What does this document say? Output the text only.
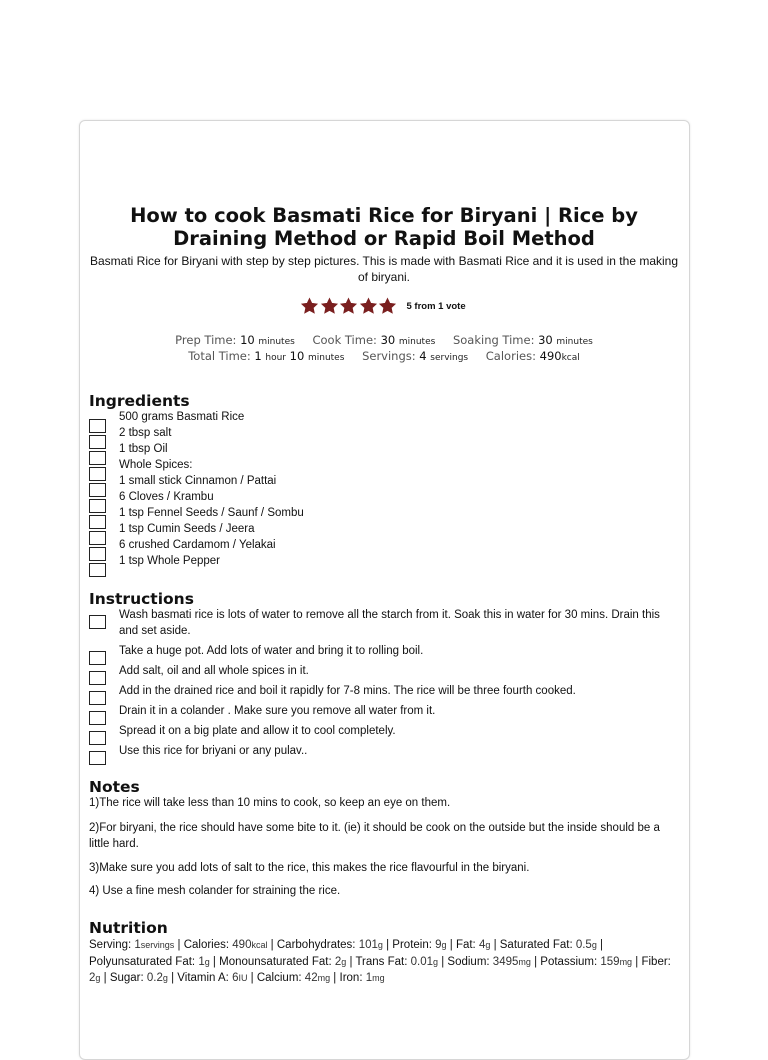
How to cook Basmati Rice for Biryani | Rice by
Draining Method or Rapid Boil Method

Basmati Rice for Biryani with step by step pictures. This is made with Basmati Rice and it is used in the making of biryani.

5 from 1 vote
Prep Time: 10 minutes Cook Time: 30 minutes Soaking Time: 30 minutes
Total Time: 1 hour 10 minutes Servings: 4 servings Calories: 490kcal
Ingredients
500 grams Basmati Rice
2 tbsp salt
1 tbsp Oil
Whole Spices:
1 small stick Cinnamon / Pattai
6 Cloves / Krambu
1 tsp Fennel Seeds / Saunf / Sombu
1 tsp Cumin Seeds / Jeera
6 crushed Cardamom / Yelakai
1 tsp Whole Pepper
Instructions
Wash basmati rice is lots of water to remove all the starch from it. Soak this in water for 30 mins. Drain this and set aside.
Take a huge pot. Add lots of water and bring it to rolling boil.
Add salt, oil and all whole spices in it.
Add in the drained rice and boil it rapidly for 7-8 mins. The rice will be three fourth cooked.
Drain it in a colander . Make sure you remove all water from it.
Spread it on a big plate and allow it to cool completely.
Use this rice for briyani or any pulav..
Notes

1)The rice will take less than 10 mins to cook, so keep an eye on them.

2)For biryani, the rice should have some bite to it. (ie) it should be cook on the outside but the inside should be a little hard.

3)Make sure you add lots of salt to the rice, this makes the rice flavourful in the biryani.

4) Use a fine mesh colander for straining the rice.

Nutrition

Serving: 1servings | Calories: 490kcal | Carbohydrates: 101g | Protein: 9g | Fat: 4g | Saturated Fat: 0.5g | Polyunsaturated Fat: 1g | Monounsaturated Fat: 2g | Trans Fat: 0.01g | Sodium: 3495mg | Potassium: 159mg | Fiber: 2g | Sugar: 0.2g | Vitamin A: 6IU | Calcium: 42mg | Iron: 1mg
